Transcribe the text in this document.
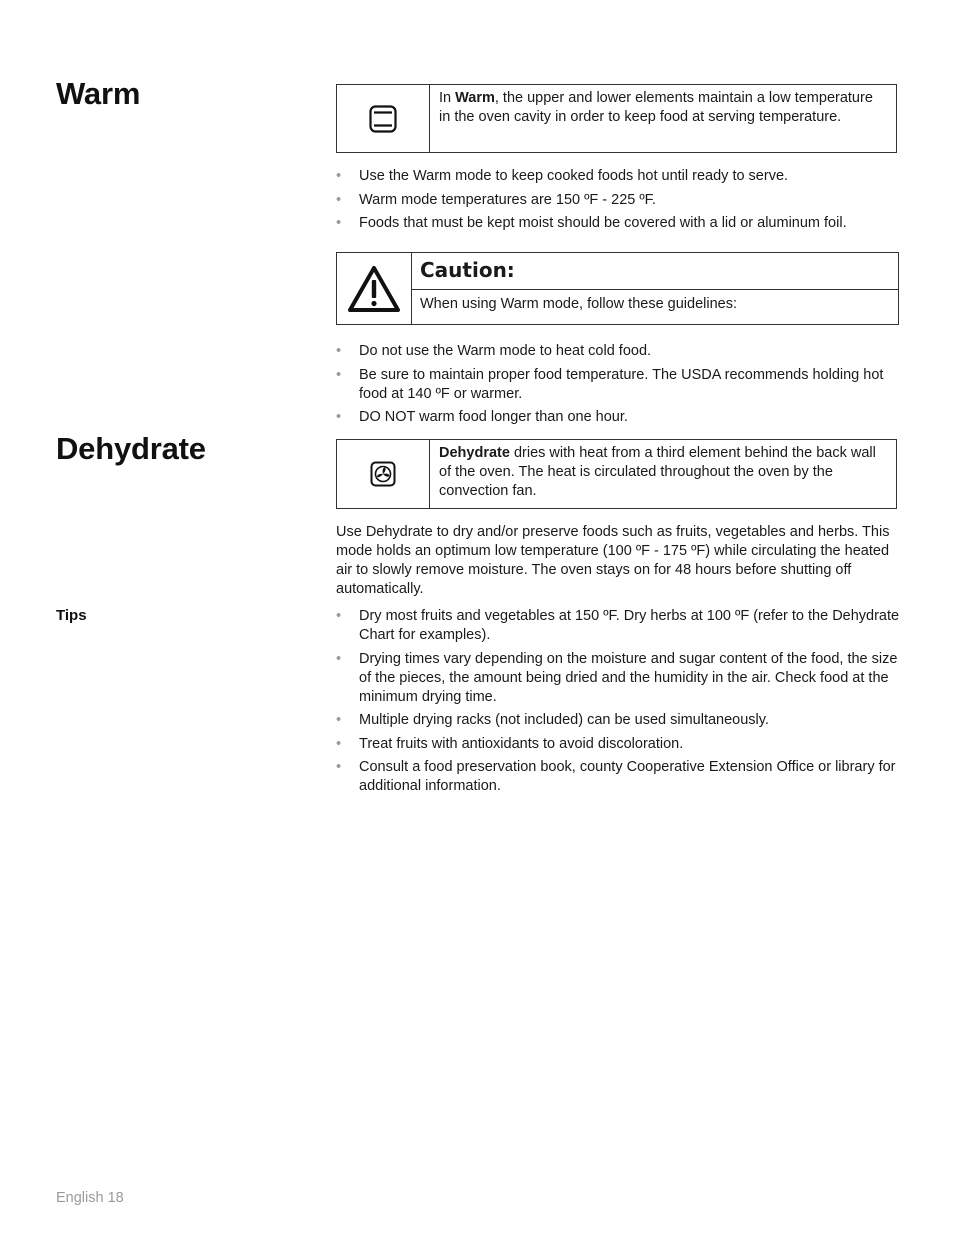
Warm	In Warm, the upper and lower elements maintain a low temperature in the oven cavity in order to keep food at serving temperature.
• Use the Warm mode to keep cooked foods hot until ready to serve.
• Warm mode temperatures are 150 ºF - 225 ºF.
• Foods that must be kept moist should be covered with a lid or aluminum foil.
Caution:
When using Warm mode, follow these guidelines:
• Do not use the Warm mode to heat cold food.
• Be sure to maintain proper food temperature. The USDA recommends holding hot food at 140 ºF or warmer.
• DO NOT warm food longer than one hour.
Dehydrate	Dehydrate dries with heat from a third element behind the back wall of the oven. The heat is circulated throughout the oven by the convection fan.

Use Dehydrate to dry and/or preserve foods such as fruits, vegetables and herbs. This mode holds an optimum low temperature (100 ºF - 175 ºF) while circulating the heated air to slowly remove moisture. The oven stays on for 48 hours before shutting off automatically.

Tips	• Dry most fruits and vegetables at 150 ºF. Dry herbs at 100 ºF (refer to the Dehydrate Chart for examples).
• Drying times vary depending on the moisture and sugar content of the food, the size of the pieces, the amount being dried and the humidity in the air. Check food at the minimum drying time.
• Multiple drying racks (not included) can be used simultaneously.
• Treat fruits with antioxidants to avoid discoloration.
• Consult a food preservation book, county Cooperative Extension Office or library for additional information.
English 18
